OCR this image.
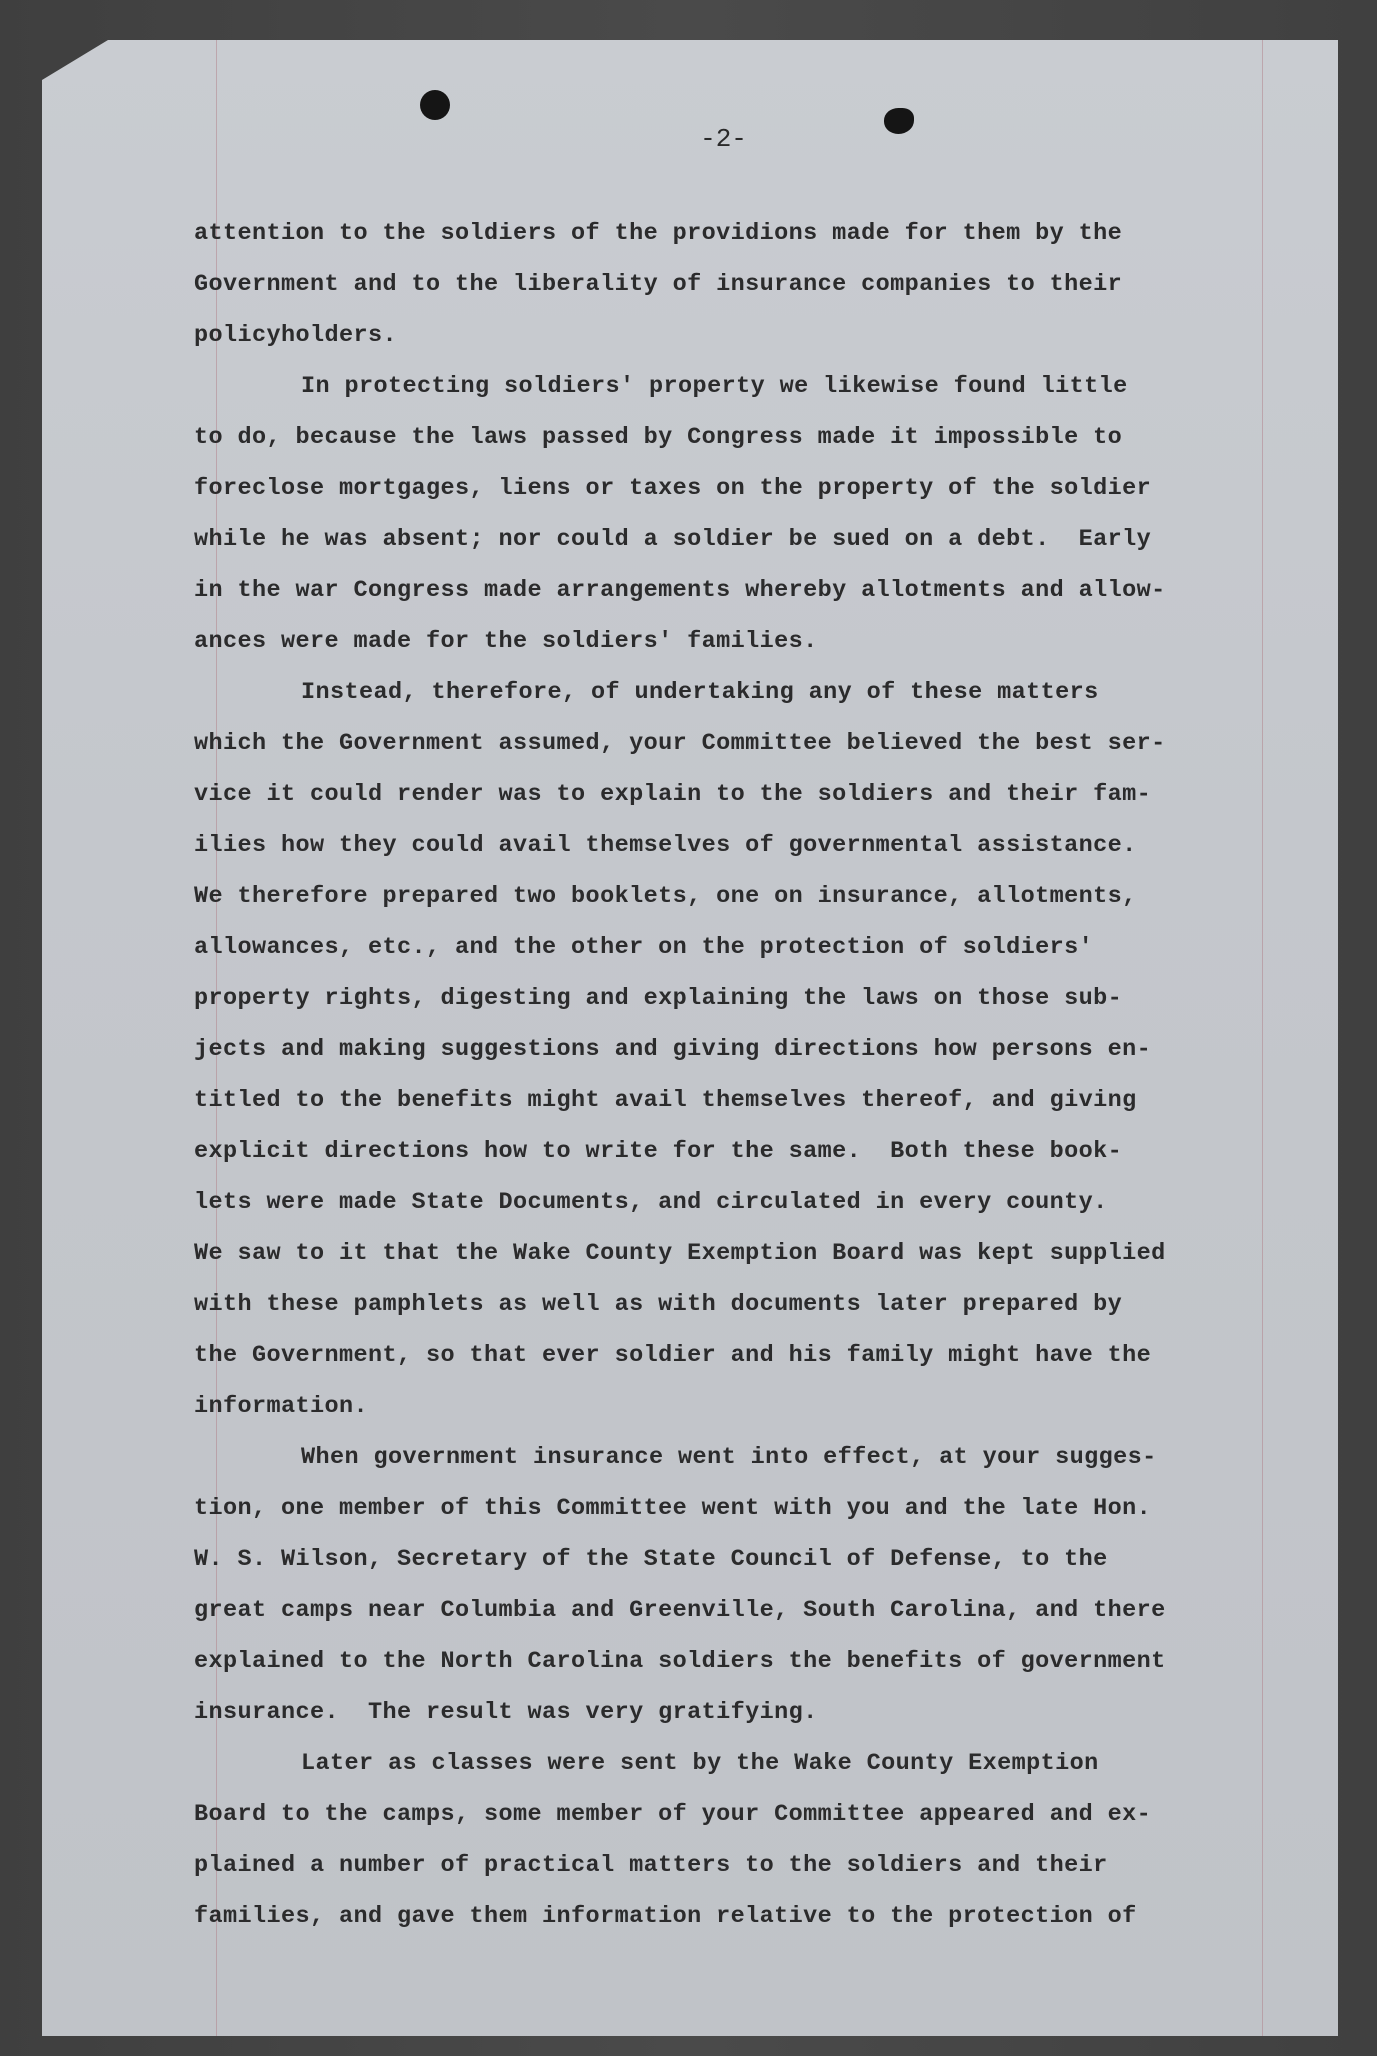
-2-
attention to the soldiers of the providions made for them by the
Government and to the liberality of insurance companies to their
policyholders.
In protecting soldiers' property we likewise found little
to do, because the laws passed by Congress made it impossible to
foreclose mortgages, liens or taxes on the property of the soldier
while he was absent; nor could a soldier be sued on a debt.  Early
in the war Congress made arrangements whereby allotments and allow-
ances were made for the soldiers' families.
Instead, therefore, of undertaking any of these matters
which the Government assumed, your Committee believed the best ser-
vice it could render was to explain to the soldiers and their fam-
ilies how they could avail themselves of governmental assistance.
We therefore prepared two booklets, one on insurance, allotments,
allowances, etc., and the other on the protection of soldiers'
property rights, digesting and explaining the laws on those sub-
jects and making suggestions and giving directions how persons en-
titled to the benefits might avail themselves thereof, and giving
explicit directions how to write for the same.  Both these book-
lets were made State Documents, and circulated in every county.
We saw to it that the Wake County Exemption Board was kept supplied
with these pamphlets as well as with documents later prepared by
the Government, so that ever soldier and his family might have the
information.
When government insurance went into effect, at your sugges-
tion, one member of this Committee went with you and the late Hon.
W. S. Wilson, Secretary of the State Council of Defense, to the
great camps near Columbia and Greenville, South Carolina, and there
explained to the North Carolina soldiers the benefits of government
insurance.  The result was very gratifying.
Later as classes were sent by the Wake County Exemption
Board to the camps, some member of your Committee appeared and ex-
plained a number of practical matters to the soldiers and their
families, and gave them information relative to the protection of
